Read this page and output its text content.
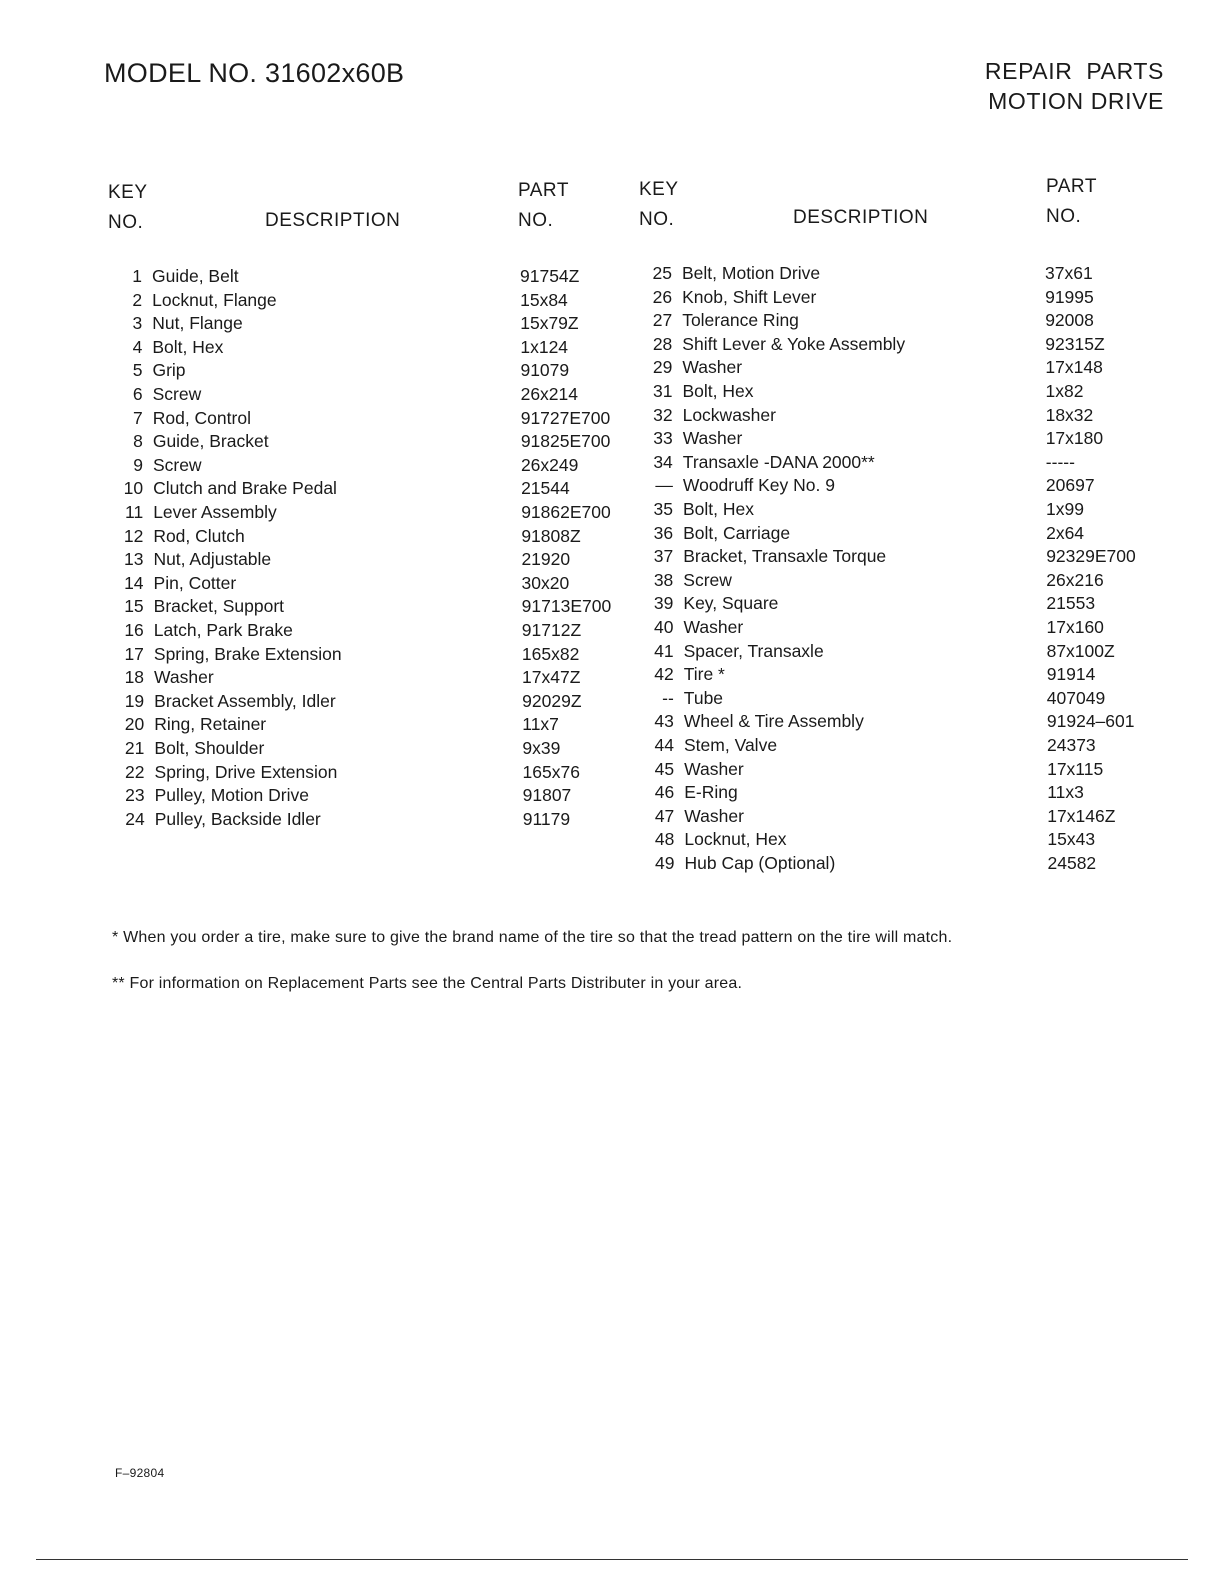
MODEL NO. 31602x60B	REPAIR  PARTS
MOTION DRIVE
KEY
NO.	DESCRIPTION
PART
NO.
KEY
NO.	DESCRIPTION
PART
NO.
1 Guide, Belt	91754Z
2 Locknut, Flange	15x84
3 Nut, Flange	15x79Z
4 Bolt, Hex	1x124
5 Grip	91079
6 Screw	26x214
7 Rod, Control	91727E700
8 Guide, Bracket	91825E700
9 Screw	26x249
10 Clutch and Brake Pedal	21544
11 Lever Assembly	91862E700
12 Rod, Clutch	91808Z
13 Nut, Adjustable	21920
14 Pin, Cotter	30x20
15 Bracket, Support	91713E700
16 Latch, Park Brake	91712Z
17 Spring, Brake Extension	165x82
18 Washer	17x47Z
19 Bracket Assembly, Idler	92029Z
20 Ring, Retainer	11x7
21 Bolt, Shoulder	9x39
22 Spring, Drive Extension	165x76
23 Pulley, Motion Drive	91807
24 Pulley, Backside Idler	91179
25 Belt, Motion Drive	37x61
26 Knob, Shift Lever	91995
27 Tolerance Ring	92008
28 Shift Lever & Yoke Assembly	92315Z
29 Washer	17x148
31 Bolt, Hex	1x82
32 Lockwasher	18x32
33 Washer	17x180
34 Transaxle -DANA 2000**	-----
— Woodruff Key No. 9	20697
35 Bolt, Hex	1x99
36 Bolt, Carriage	2x64
37 Bracket, Transaxle Torque	92329E700
38 Screw	26x216
39 Key, Square	21553
40 Washer	17x160
41 Spacer, Transaxle	87x100Z
42 Tire *	91914
-- Tube	407049
43 Wheel & Tire Assembly	91924–601
44 Stem, Valve	24373
45 Washer	17x115
46 E-Ring	11x3
47 Washer	17x146Z
48 Locknut, Hex	15x43
49 Hub Cap (Optional)	24582
* When you order a tire, make sure to give the brand name of the tire so that the tread pattern on the tire will match.
** For information on Replacement Parts see the Central Parts Distributer in your area.
F–92804
